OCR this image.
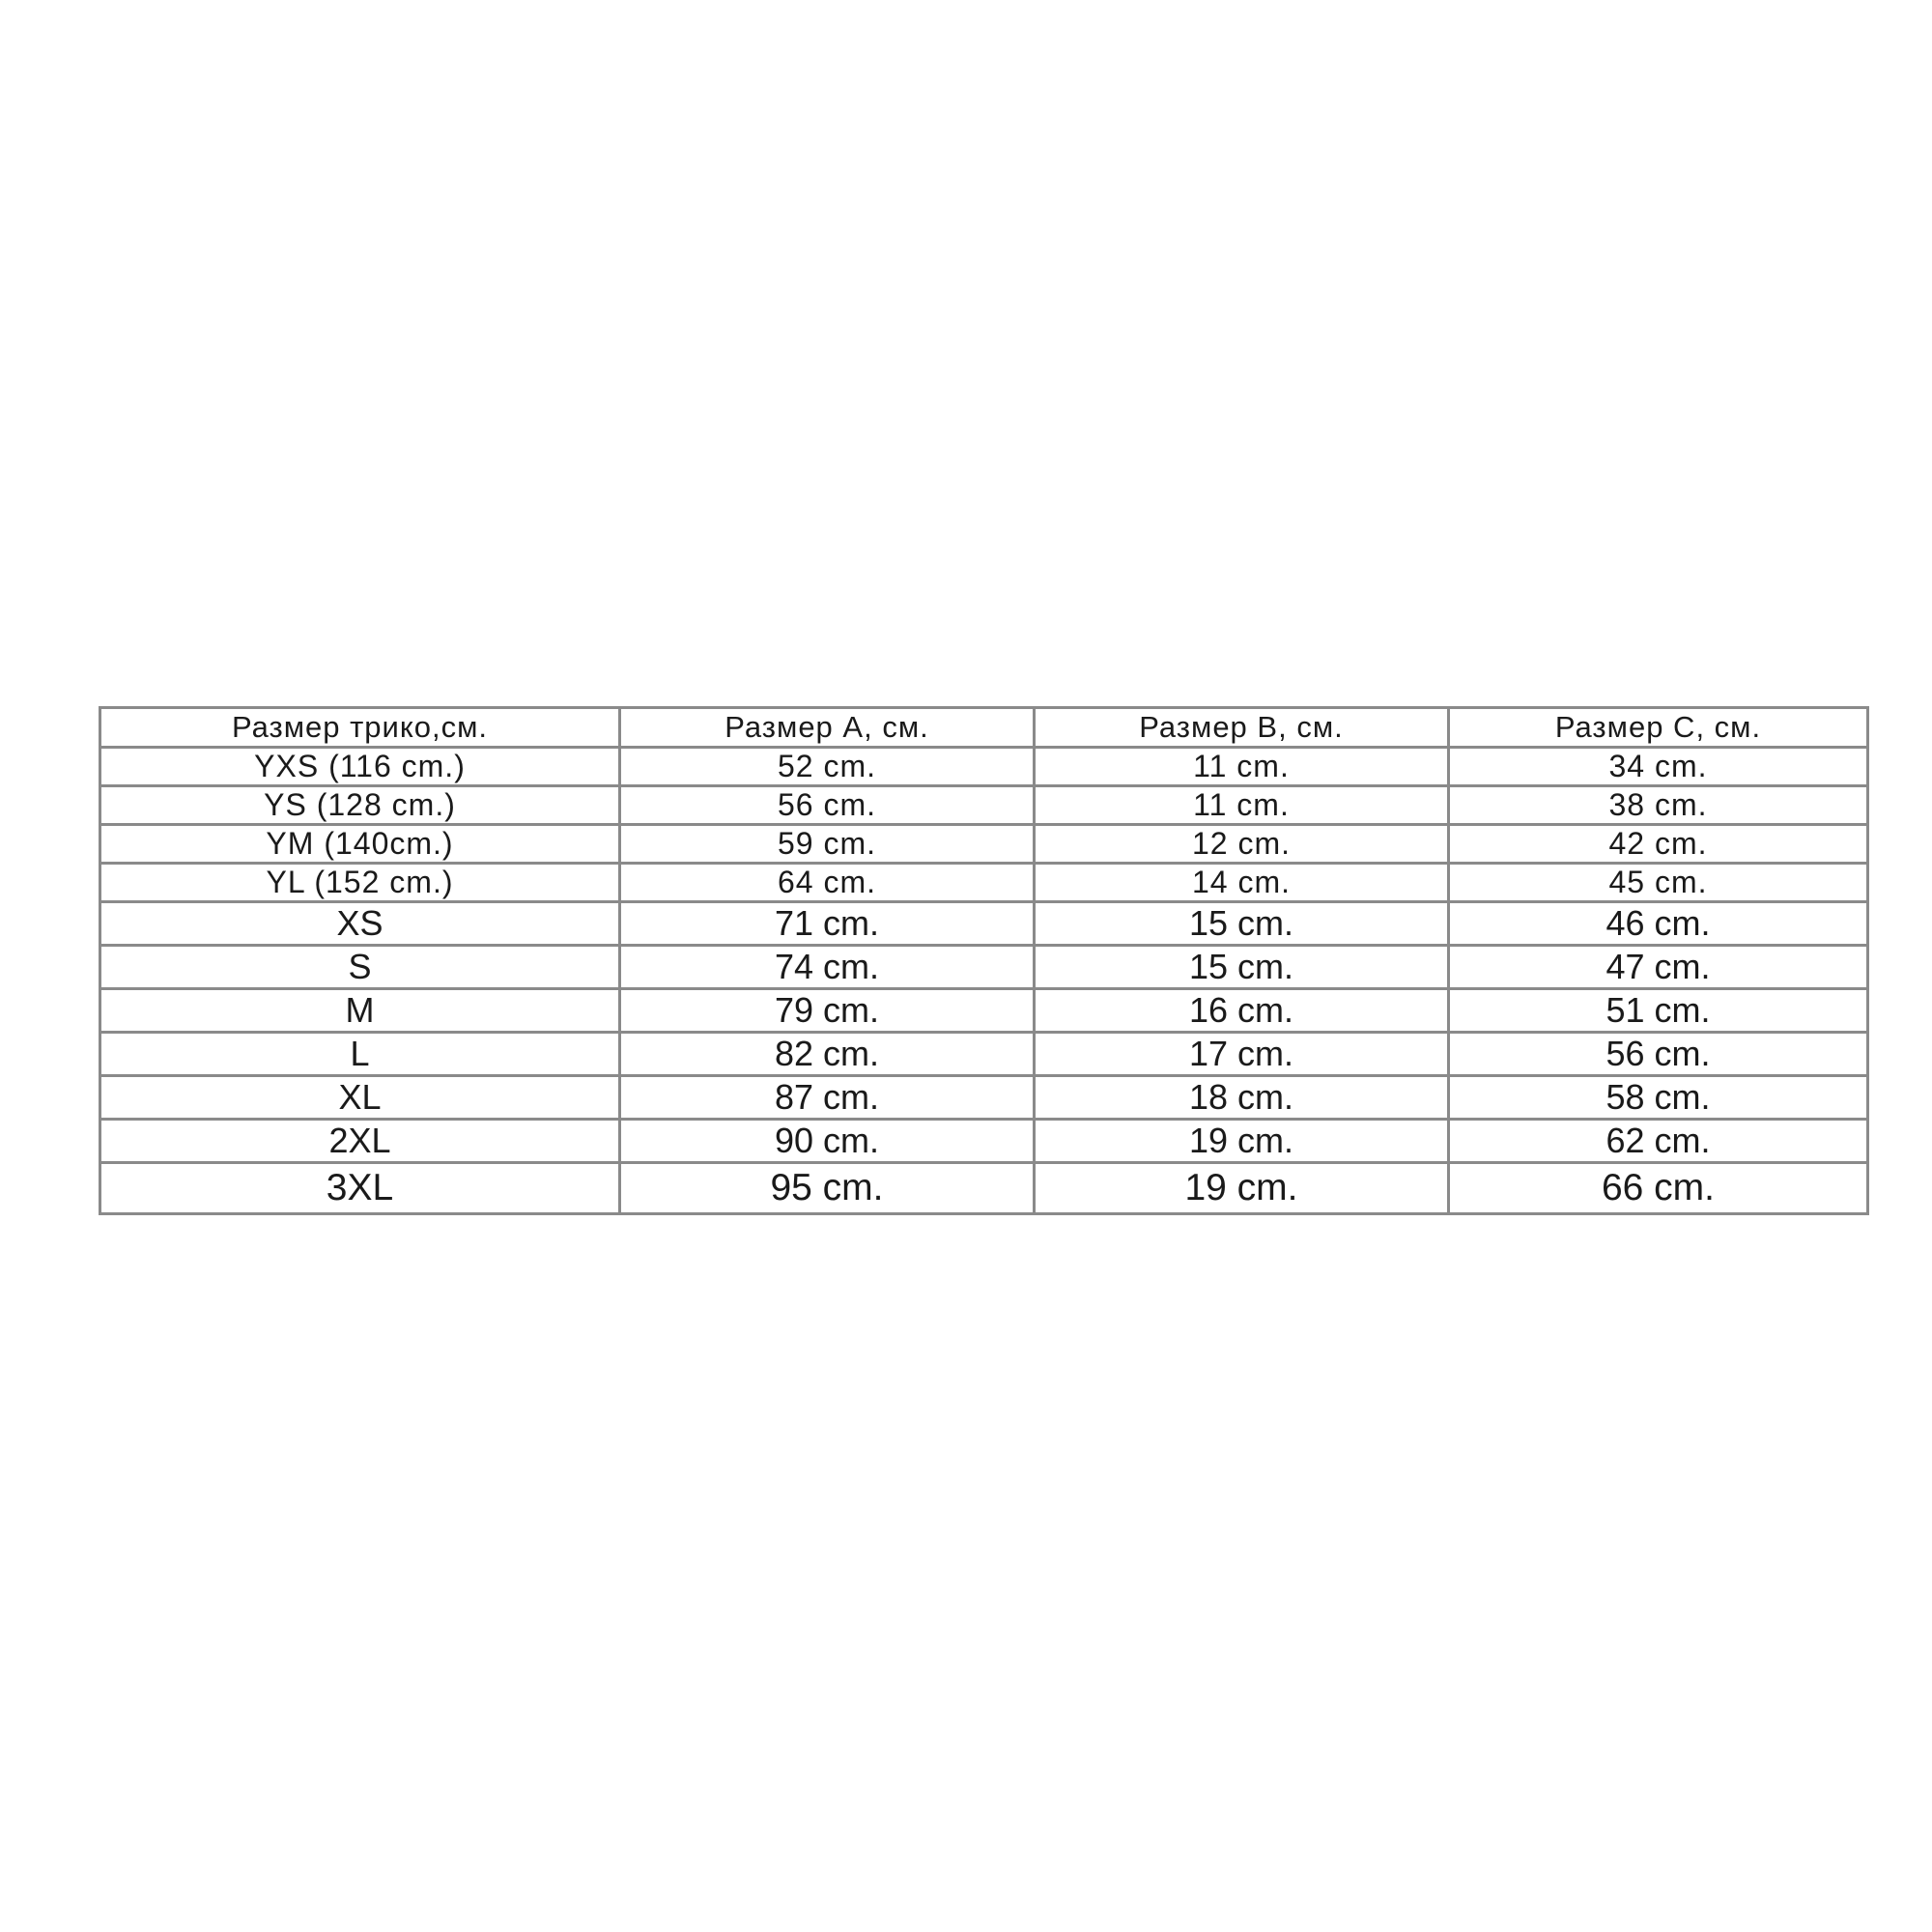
Размер трико,см.	Размер А, см.	Размер В, см.	Размер С, см.
YXS (116 cm.)	52 cm.	11 cm.	34 cm.
YS (128 cm.)	56 cm.	11 cm.	38 cm.
YM (140cm.)	59 cm.	12 cm.	42 cm.
YL (152 cm.)	64 cm.	14 cm.	45 cm.
XS	71 cm.	15 cm.	46 cm.
S	74 cm.	15 cm.	47 cm.
M	79 cm.	16 cm.	51 cm.
L	82 cm.	17 cm.	56 cm.
XL	87 cm.	18 cm.	58 cm.
2XL	90 cm.	19 cm.	62 cm.
3XL	95 cm.	19 cm.	66 cm.
